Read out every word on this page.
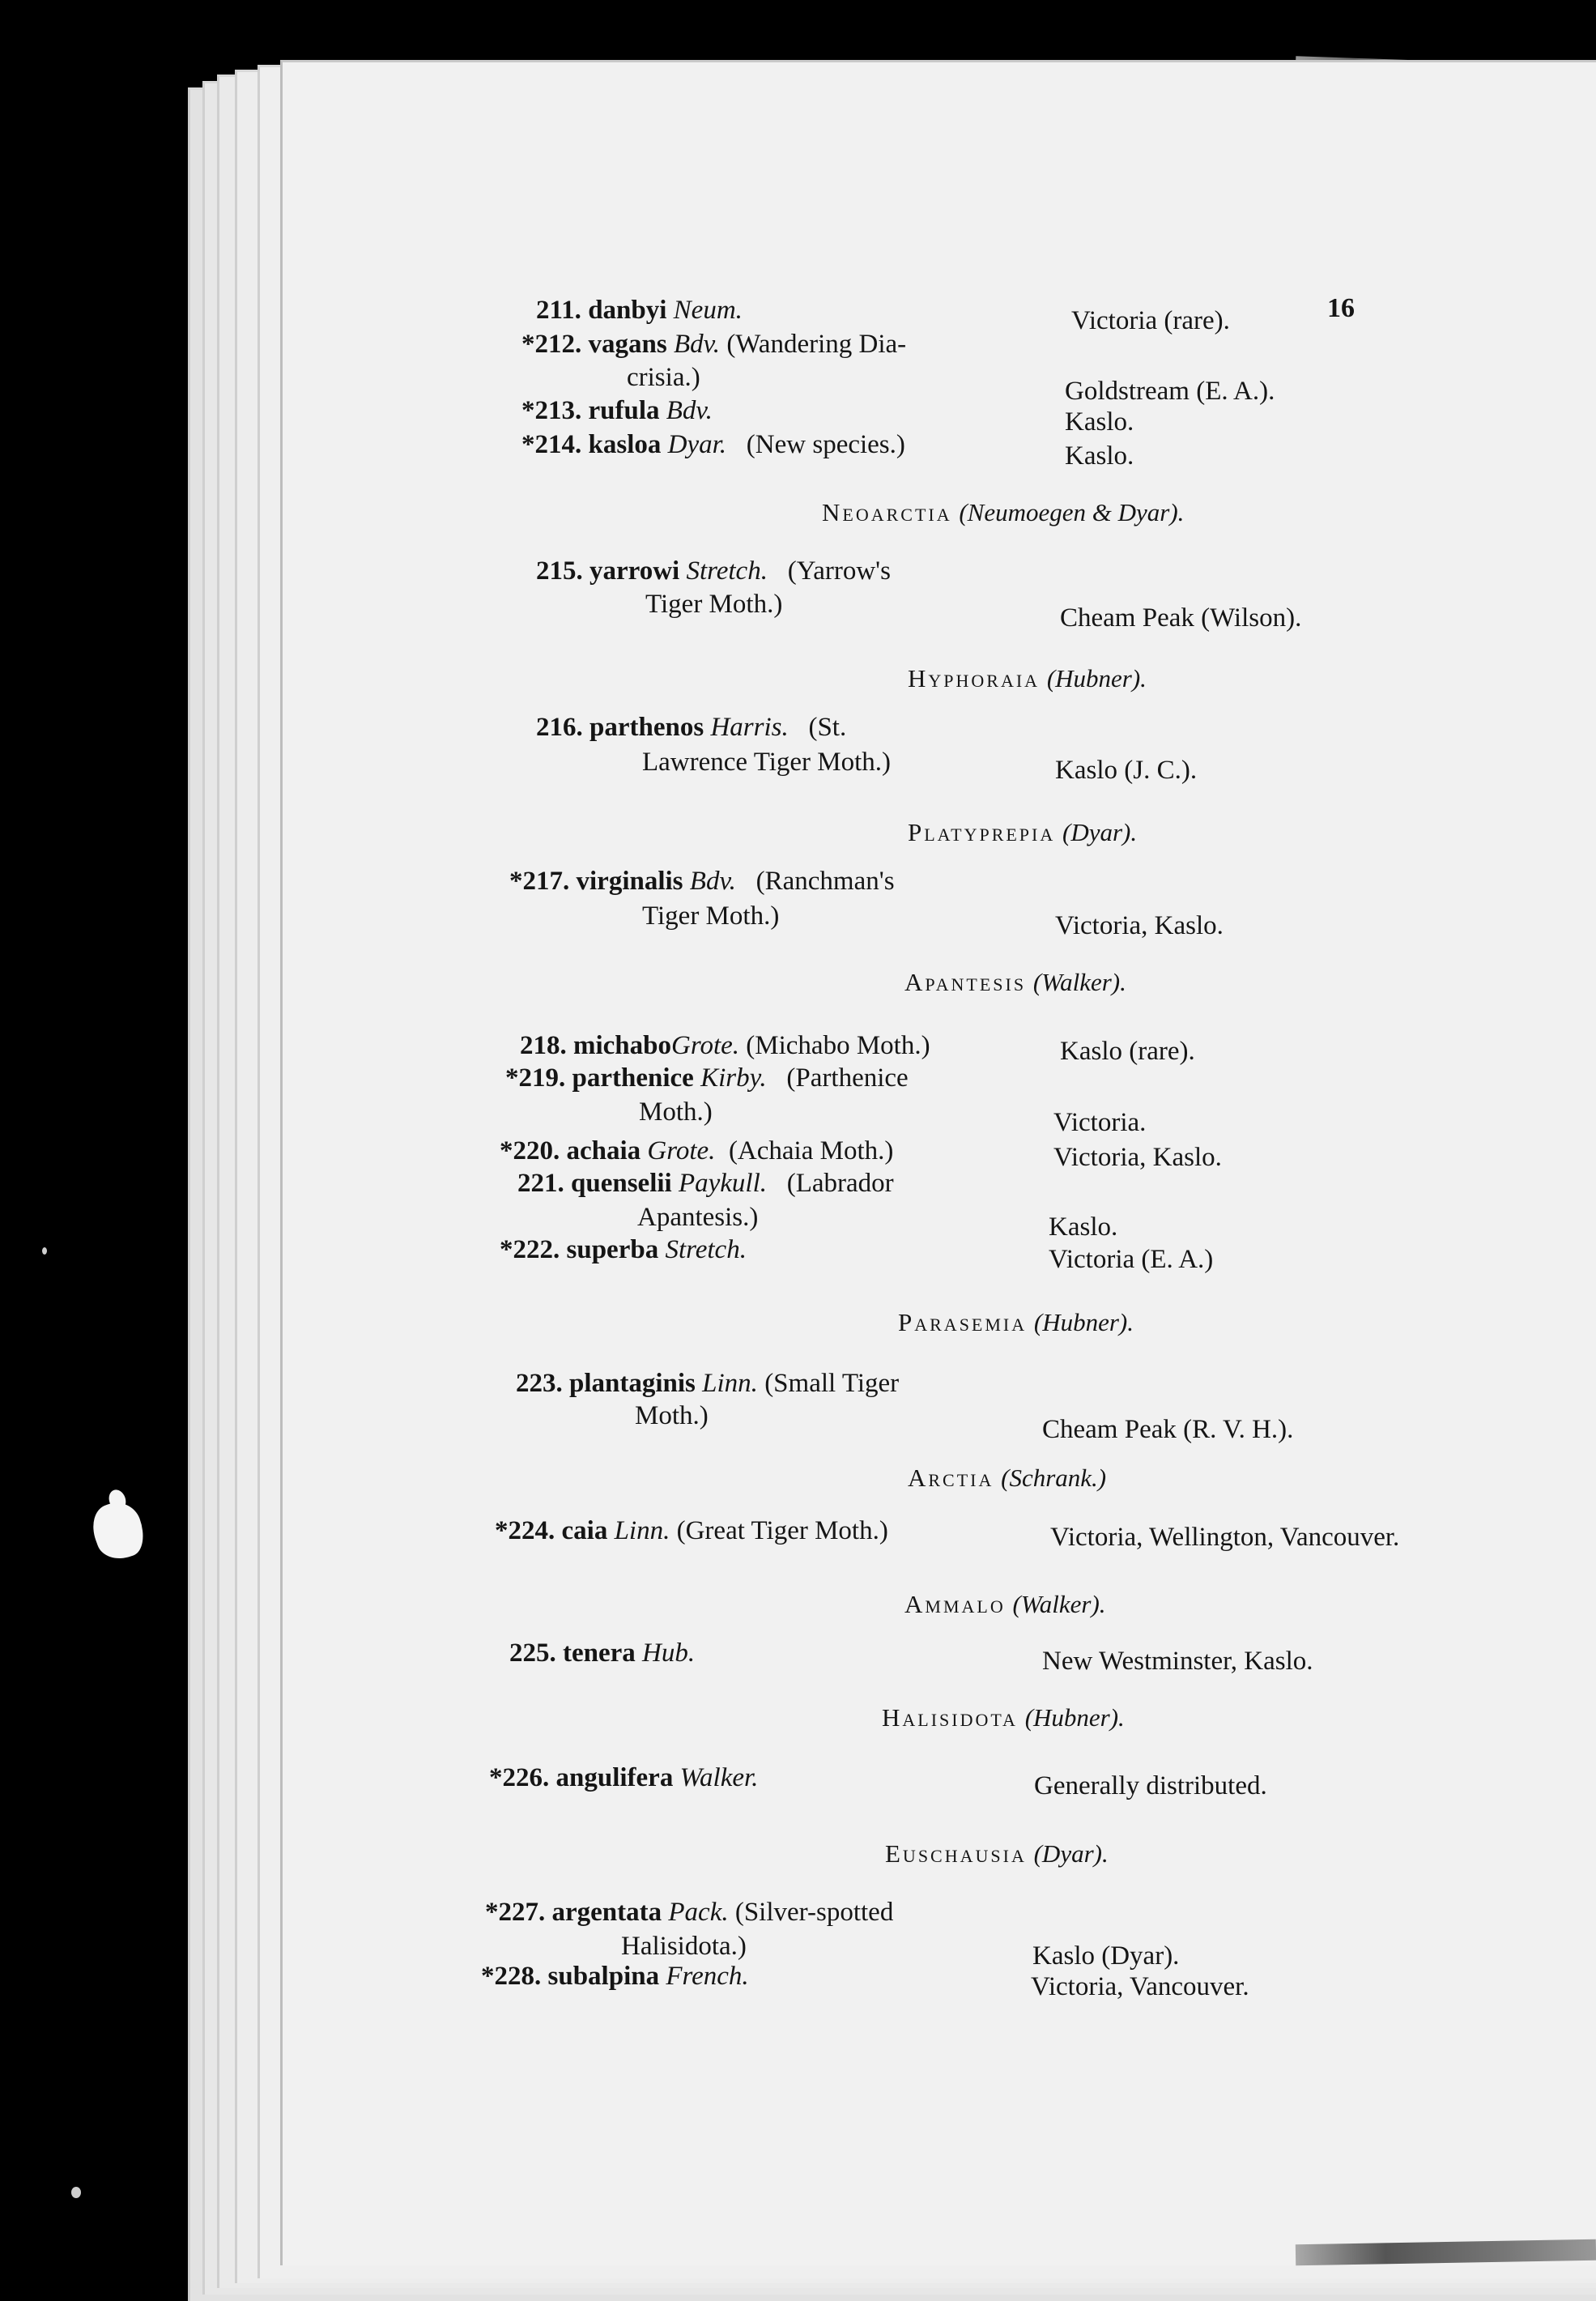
16
211. danbyi Neum.	Victoria (rare).
*212. vagans Bdv. (Wandering Dia-
crisia.)	Goldstream (E. A.).
*213. rufula Bdv.	Kaslo.
*214. kasloa Dyar. (New species.)	Kaslo.
Neoarctia (Neumoegen & Dyar).
215. yarrowi Stretch. (Yarrow's
Tiger Moth.)	Cheam Peak (Wilson).
Hyphoraia (Hubner).
216. parthenos Harris. (St.
Lawrence Tiger Moth.)	Kaslo (J. C.).
Platyprepia (Dyar).
*217. virginalis Bdv. (Ranchman's
Tiger Moth.)	Victoria, Kaslo.
Apantesis (Walker).
218. michaboGrote. (Michabo Moth.)	Kaslo (rare).
*219. parthenice Kirby. (Parthenice
Moth.)	Victoria.
*220. achaia Grote. (Achaia Moth.)	Victoria, Kaslo.
221. quenselii Paykull. (Labrador
Apantesis.)	Kaslo.
*222. superba Stretch.	Victoria (E. A.)
Parasemia (Hubner).
223. plantaginis Linn. (Small Tiger
Moth.)	Cheam Peak (R. V. H.).
Arctia (Schrank.)
*224. caia Linn. (Great Tiger Moth.)	Victoria, Wellington, Vancouver.
Ammalo (Walker).
225. tenera Hub.	New Westminster, Kaslo.
Halisidota (Hubner).
*226. angulifera Walker.	Generally distributed.
Euschausia (Dyar).
*227. argentata Pack. (Silver-spotted
Halisidota.)	Kaslo (Dyar).
*228. subalpina French.	Victoria, Vancouver.
